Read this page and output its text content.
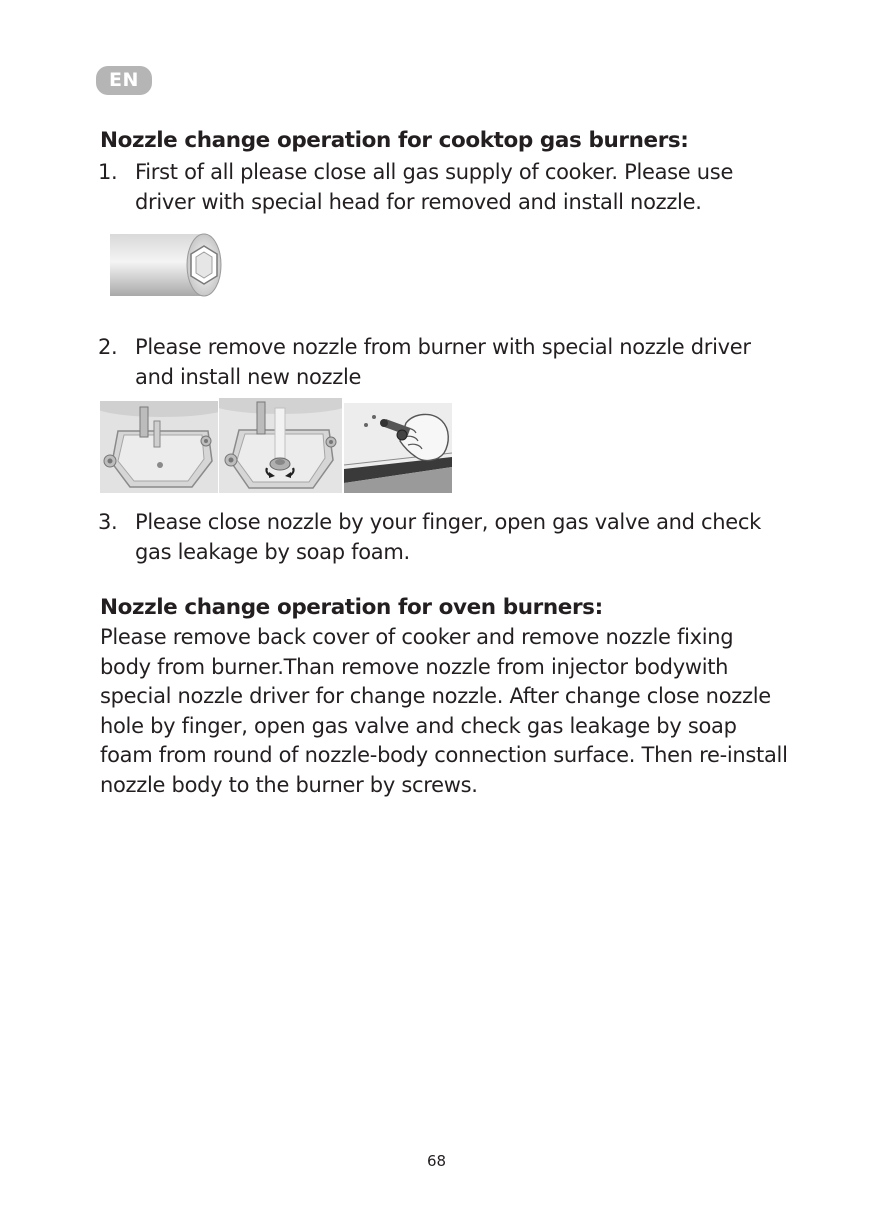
EN
Nozzle change operation for cooktop gas burners:
1. First of all please close all gas supply of cooker. Please use driver with special head for removed and install nozzle.
2. Please remove nozzle from burner with special nozzle driver and install new nozzle
3. Please close nozzle by your finger, open gas valve and check gas leakage by soap foam.
Nozzle change operation for oven burners:
Please remove back cover of cooker and remove nozzle fixing body from burner.Than remove nozzle from injector bodywith special nozzle driver for change nozzle. After change close nozzle hole by finger, open gas valve and check gas leakage by soap foam from round of nozzle-body connection surface. Then re-install nozzle body to the burner by screws.
68
